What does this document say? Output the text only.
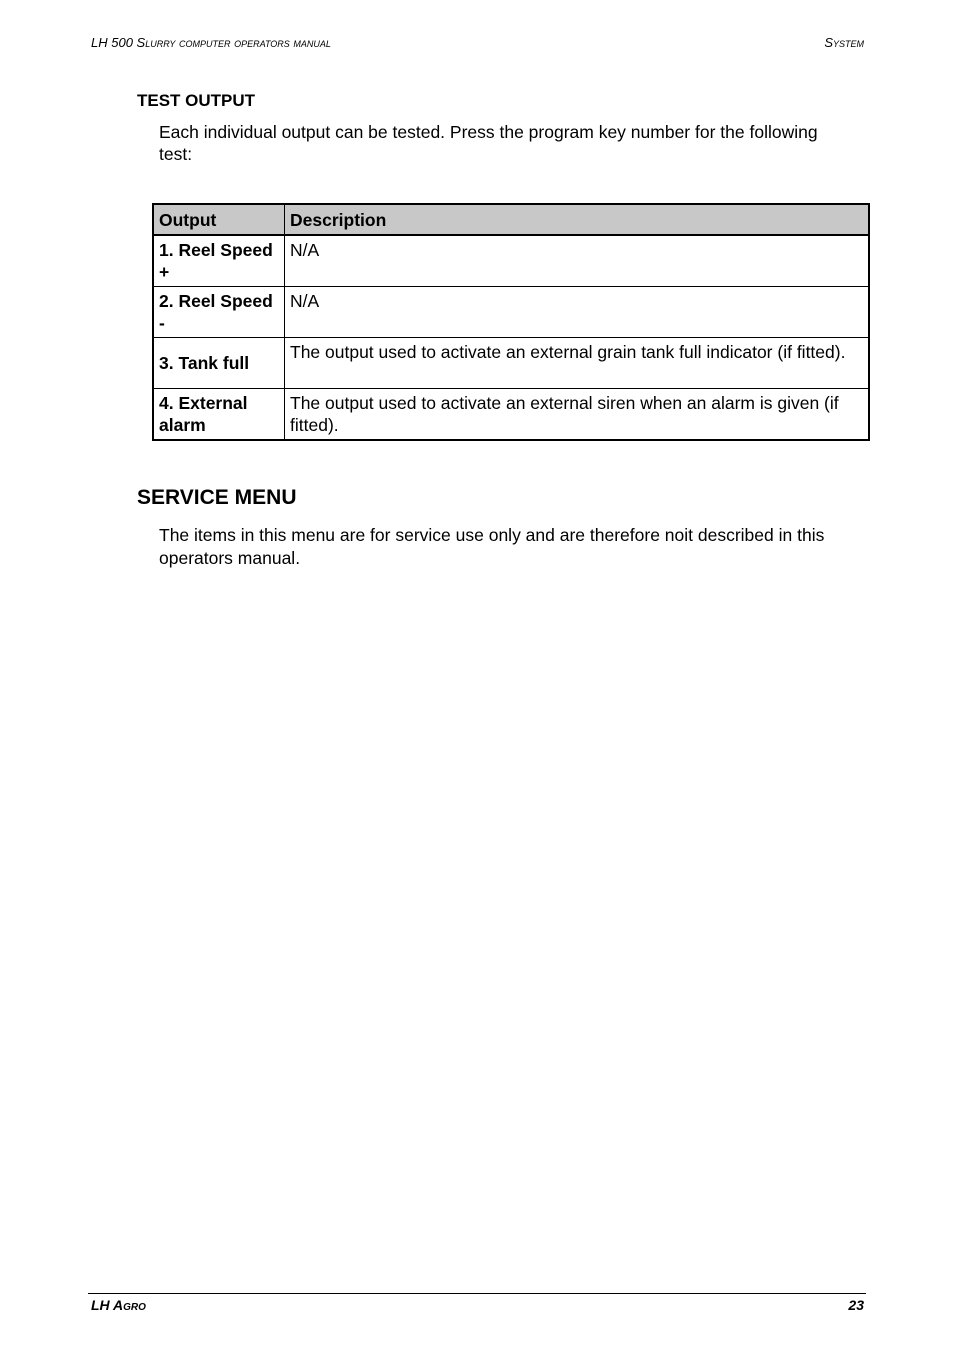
LH 500 Slurry computer operators manual	System
TEST OUTPUT
Each individual output can be tested. Press the program key number for the following test:
Output	Description
1. Reel Speed +	N/A
2. Reel Speed -	N/A
3. Tank full	The output used to activate an external grain tank full indicator (if fitted).
4. External alarm	The output used to activate an external siren when an alarm is given (if fitted).
SERVICE MENU
The items in this menu are for service use only and are therefore noit described in this operators manual.
LH Agro	23
